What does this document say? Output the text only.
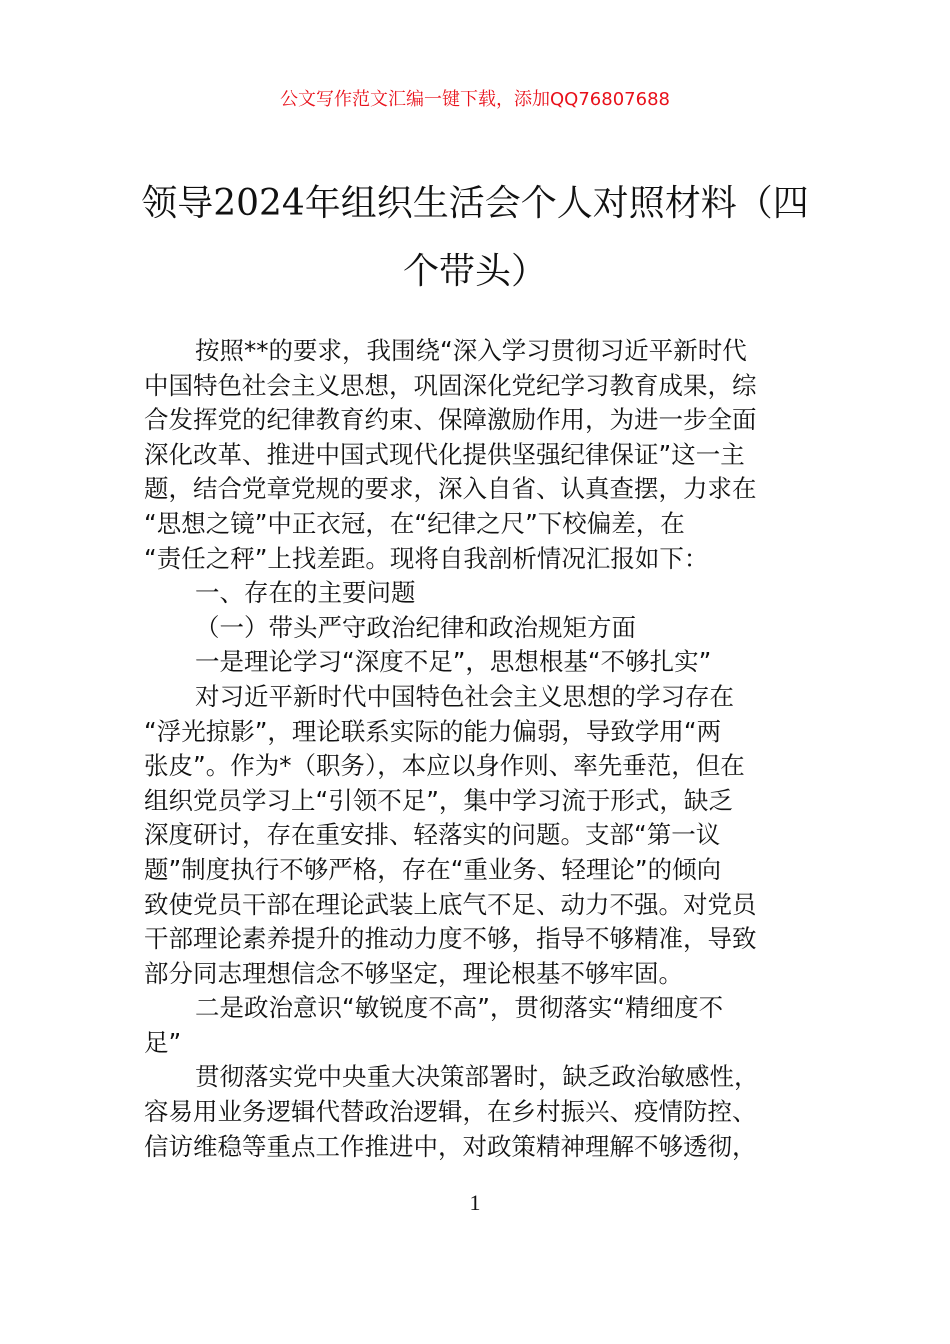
公文写作范文汇编一键下载，添加QQ76807688
领导2024年组织生活会个人对照材料（四
个带头）
按照**的要求，我围绕“深入学习贯彻习近平新时代
中国特色社会主义思想，巩固深化党纪学习教育成果，综
合发挥党的纪律教育约束、保障激励作用，为进一步全面
深化改革、推进中国式现代化提供坚强纪律保证”这一主
题，结合党章党规的要求，深入自省、认真查摆，力求在
“思想之镜”中正衣冠，在“纪律之尺”下校偏差，在
“责任之秤”上找差距。现将自我剖析情况汇报如下：
一、存在的主要问题
（一）带头严守政治纪律和政治规矩方面
一是理论学习“深度不足”，思想根基“不够扎实”
对习近平新时代中国特色社会主义思想的学习存在
“浮光掠影”，理论联系实际的能力偏弱，导致学用“两
张皮”。作为*（职务），本应以身作则、率先垂范，但在
组织党员学习上“引领不足”，集中学习流于形式，缺乏
深度研讨，存在重安排、轻落实的问题。支部“第一议
题”制度执行不够严格，存在“重业务、轻理论”的倾向
致使党员干部在理论武装上底气不足、动力不强。对党员
干部理论素养提升的推动力度不够，指导不够精准，导致
部分同志理想信念不够坚定，理论根基不够牢固。
二是政治意识“敏锐度不高”，贯彻落实“精细度不
足”
贯彻落实党中央重大决策部署时，缺乏政治敏感性，
容易用业务逻辑代替政治逻辑，在乡村振兴、疫情防控、
信访维稳等重点工作推进中，对政策精神理解不够透彻，
1
